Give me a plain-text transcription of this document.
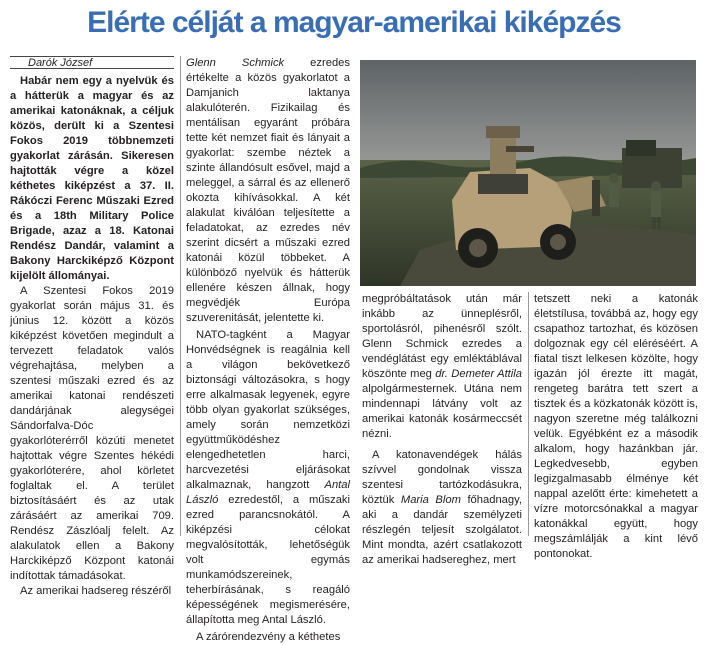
Elérte célját a magyar-amerikai kiképzés
Darók József

Habár nem egy a nyelvük és a hátterük a magyar és az amerikai katonáknak, a céljuk közös, derült ki a Szentesi Fokos 2019 többnemzeti gyakorlat zárásán. Sikeresen hajtották végre a közel kéthetes kiképzést a 37. II. Rákóczi Ferenc Műszaki Ezred és a 18th Military Police Brigade, azaz a 18. Katonai Rendész Dandár, valamint a Bakony Harckiképző Központ kijelölt állományai.

A Szentesi Fokos 2019 gyakorlat során május 31. és június 12. között a közös kiképzést követően megindult a tervezett feladatok valós végrehajtása, melyben a szentesi műszaki ezred és az amerikai katonai rendészeti dandárjának alegységei Sándorfalva-Dóc gyakorlóterérről közúti menetet hajtottak végre Szentes hékédi gyakorlóterére, ahol körletet foglaltak el. A terület biztosításáért és az utak zárásáért az amerikai 709. Rendész Zászlóalj felelt. Az alakulatok ellen a Bakony Harckiképző Központ katonái indítottak támadásokat.

Az amerikai hadsereg részéről

Glenn Schmick ezredes értékelte a közös gyakorlatot a Damjanich laktanya alakulóterén. Fizikailag és mentálisan egyaránt próbára tette két nemzet fiait és lányait a gyakorlat: szembe néztek a szinte állandósult esővel, majd a meleggel, a sárral és az ellenerő okozta kihívásokkal. A két alakulat kiválóan teljesítette a feladatokat, az ezredes név szerint dicsért a műszaki ezred katonái közül többeket. A különböző nyelvük és hátterük ellenére készen állnak, hogy megvédjék Európa szuverenitását, jelentette ki.

NATO-tagként a Magyar Honvédségnek is reagálnia kell a világon bekövetkező biztonsági változásokra, s hogy erre alkalmasak legyenek, egyre több olyan gyakorlat szükséges, amely során nemzetközi együttműködéshez elengedhetetlen harci, harcvezetési eljárásokat alkalmaznak, hangzott Antal László ezredestől, a műszaki ezred parancsnokától. A kiképzési célokat megvalósították, lehetőségük volt egymás munkamódszereinek, teherbírásának, s reagáló képességének megismerésére, állapította meg Antal László.

A zárórendezvény a kéthetes

megpróbáltatások után már inkább az ünneplésről, sportolásról, pihenésről szólt. Glenn Schmick ezredes a vendéglátást egy emléktáblával köszönte meg dr. Demeter Attila alpolgármesternek. Utána nem mindennapi látvány volt az amerikai katonák kosármeccsét nézni.

A katonavendégek hálás szívvel gondolnak vissza szentesi tartózkodásukra, köztük Maria Blom főhadnagy, aki a dandár személyzeti részlegén teljesít szolgálatot. Mint mondta, azért csatlakozott az amerikai hadsereghez, mert

tetszett neki a katonák életstílusa, továbbá az, hogy egy csapathoz tartozhat, és közösen dolgoznak egy cél eléréséért. A fiatal tiszt lelkesen közölte, hogy igazán jól érezte itt magát, rengeteg barátra tett szert a tisztek és a közkatonák között is, nagyon szeretne még találkozni velük. Egyébként ez a második alkalom, hogy hazánkban jár. Legkedvesebb, egyben legizgalmasabb élménye két nappal azelőtt érte: kimehetett a vízre motorcsónakkal a magyar katonákkal együtt, hogy megszámlálják a kint lévő pontonokat.
